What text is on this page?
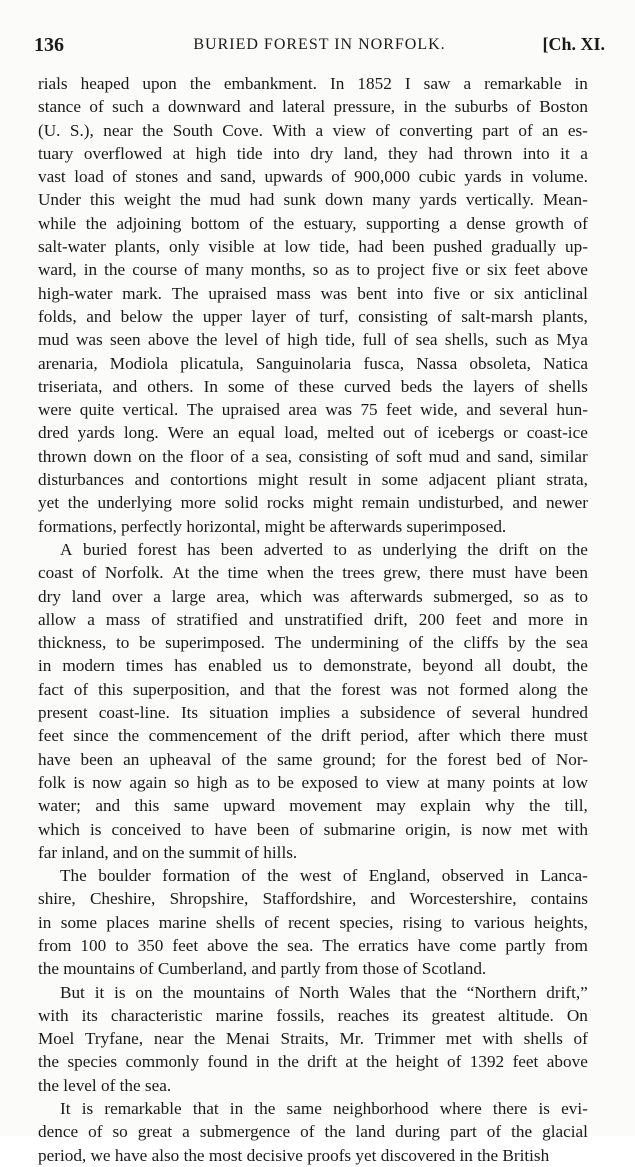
136	BURIED FOREST IN NORFOLK.	[Ch. XI.
rials heaped upon the embankment. In 1852 I saw a remarkable in
stance of such a downward and lateral pressure, in the suburbs of Boston
(U. S.), near the South Cove. With a view of converting part of an es-
tuary overflowed at high tide into dry land, they had thrown into it a
vast load of stones and sand, upwards of 900,000 cubic yards in volume.
Under this weight the mud had sunk down many yards vertically. Mean-
while the adjoining bottom of the estuary, supporting a dense growth of
salt-water plants, only visible at low tide, had been pushed gradually up-
ward, in the course of many months, so as to project five or six feet above
high-water mark. The upraised mass was bent into five or six anticlinal
folds, and below the upper layer of turf, consisting of salt-marsh plants,
mud was seen above the level of high tide, full of sea shells, such as Mya
arenaria, Modiola plicatula, Sanguinolaria fusca, Nassa obsoleta, Natica
triseriata, and others. In some of these curved beds the layers of shells
were quite vertical. The upraised area was 75 feet wide, and several hun-
dred yards long. Were an equal load, melted out of icebergs or coast-ice
thrown down on the floor of a sea, consisting of soft mud and sand, similar
disturbances and contortions might result in some adjacent pliant strata,
yet the underlying more solid rocks might remain undisturbed, and newer
formations, perfectly horizontal, might be afterwards superimposed.
A buried forest has been adverted to as underlying the drift on the
coast of Norfolk. At the time when the trees grew, there must have been
dry land over a large area, which was afterwards submerged, so as to
allow a mass of stratified and unstratified drift, 200 feet and more in
thickness, to be superimposed. The undermining of the cliffs by the sea
in modern times has enabled us to demonstrate, beyond all doubt, the
fact of this superposition, and that the forest was not formed along the
present coast-line. Its situation implies a subsidence of several hundred
feet since the commencement of the drift period, after which there must
have been an upheaval of the same ground; for the forest bed of Nor-
folk is now again so high as to be exposed to view at many points at low
water; and this same upward movement may explain why the till,
which is conceived to have been of submarine origin, is now met with
far inland, and on the summit of hills.
The boulder formation of the west of England, observed in Lanca-
shire, Cheshire, Shropshire, Staffordshire, and Worcestershire, contains
in some places marine shells of recent species, rising to various heights,
from 100 to 350 feet above the sea. The erratics have come partly from
the mountains of Cumberland, and partly from those of Scotland.
But it is on the mountains of North Wales that the “Northern drift,”
with its characteristic marine fossils, reaches its greatest altitude. On
Moel Tryfane, near the Menai Straits, Mr. Trimmer met with shells of
the species commonly found in the drift at the height of 1392 feet above
the level of the sea.
It is remarkable that in the same neighborhood where there is evi-
dence of so great a submergence of the land during part of the glacial
period, we have also the most decisive proofs yet discovered in the British
